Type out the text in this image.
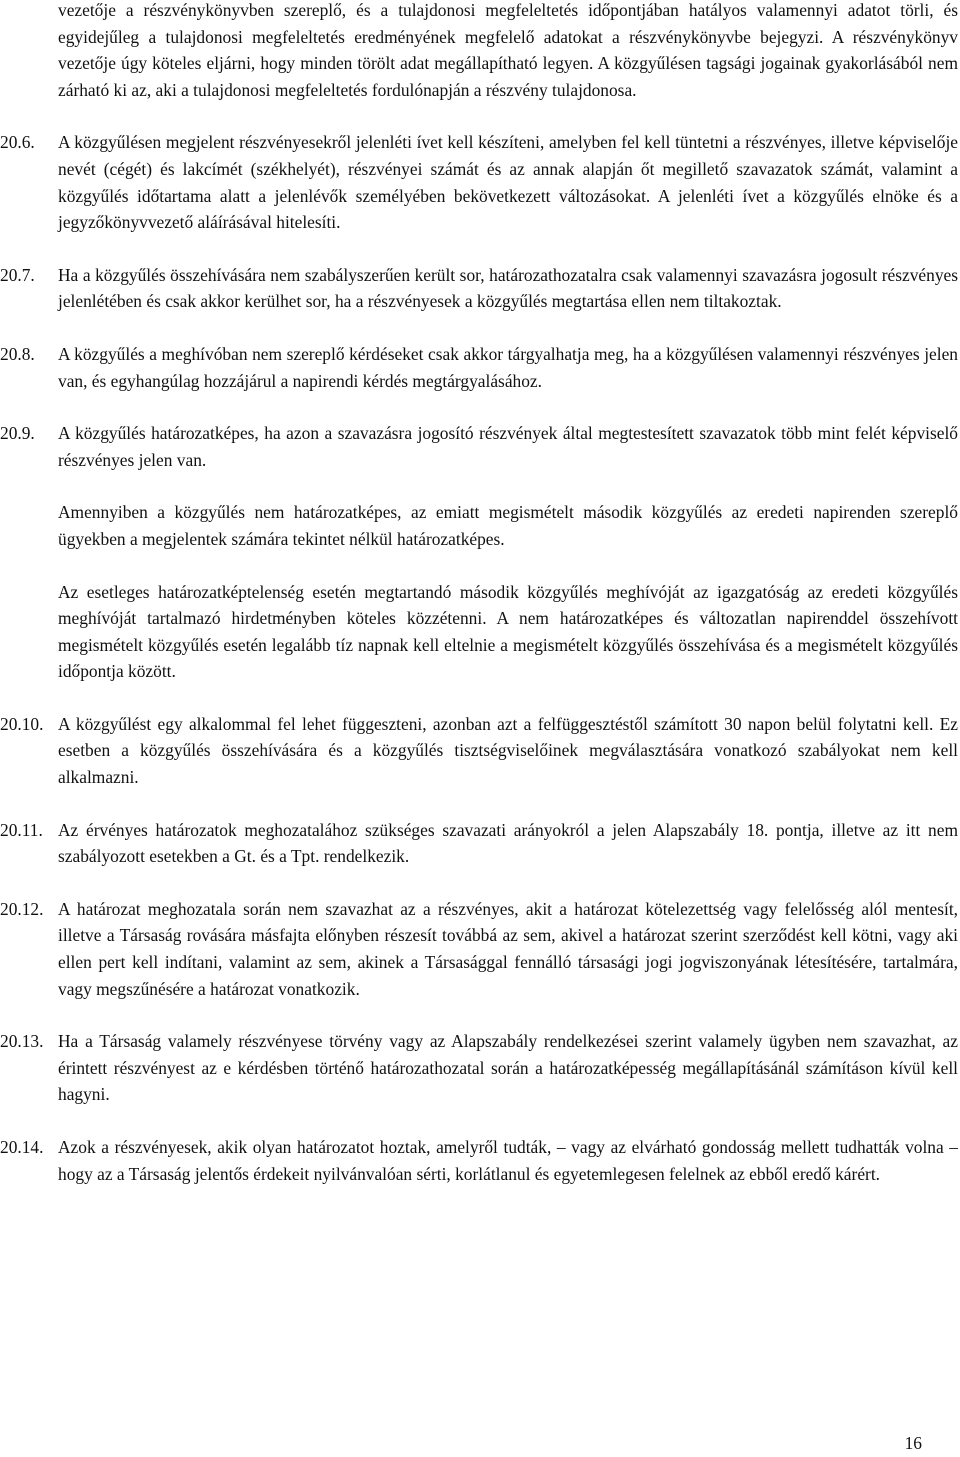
vezetője a részvénykönyvben szereplő, és a tulajdonosi megfeleltetés időpontjában hatályos valamennyi adatot törli, és egyidejűleg a tulajdonosi megfeleltetés eredményének megfelelő adatokat a részvénykönyvbe bejegyzi. A részvénykönyv vezetője úgy köteles eljárni, hogy minden törölt adat megállapítható legyen. A közgyűlésen tagsági jogainak gyakorlásából nem zárható ki az, aki a tulajdonosi megfeleltetés fordulónapján a részvény tulajdonosa.

20.6.	A közgyűlésen megjelent részvényesekről jelenléti ívet kell készíteni, amelyben fel kell tüntetni a részvényes, illetve képviselője nevét (cégét) és lakcímét (székhelyét), részvényei számát és az annak alapján őt megillető szavazatok számát, valamint a közgyűlés időtartama alatt a jelenlévők személyében bekövetkezett változásokat. A jelenléti ívet a közgyűlés elnöke és a jegyzőkönyvvezető aláírásával hitelesíti.
20.7.	Ha a közgyűlés összehívására nem szabályszerűen került sor, határozathozatalra csak valamennyi szavazásra jogosult részvényes jelenlétében és csak akkor kerülhet sor, ha a részvényesek a közgyűlés megtartása ellen nem tiltakoztak.
20.8.	A közgyűlés a meghívóban nem szereplő kérdéseket csak akkor tárgyalhatja meg, ha a közgyűlésen valamennyi részvényes jelen van, és egyhangúlag hozzájárul a napirendi kérdés megtárgyalásához.
20.9.	A közgyűlés határozatképes, ha azon a szavazásra jogosító részvények által megtestesített szavazatok több mint felét képviselő részvényes jelen van.

Amennyiben a közgyűlés nem határozatképes, az emiatt megismételt második közgyűlés az eredeti napirenden szereplő ügyekben a megjelentek számára tekintet nélkül határozatképes.

Az esetleges határozatképtelenség esetén megtartandó második közgyűlés meghívóját az igazgatóság az eredeti közgyűlés meghívóját tartalmazó hirdetményben köteles közzétenni. A nem határozatképes és változatlan napirenddel összehívott megismételt közgyűlés esetén legalább tíz napnak kell eltelnie a megismételt közgyűlés összehívása és a megismételt közgyűlés időpontja között.

20.10. A közgyűlést egy alkalommal fel lehet függeszteni, azonban azt a felfüggesztéstől számított 30 napon belül folytatni kell. Ez esetben a közgyűlés összehívására és a közgyűlés tisztségviselőinek megválasztására vonatkozó szabályokat nem kell alkalmazni.
20.11. Az érvényes határozatok meghozatalához szükséges szavazati arányokról a jelen Alapszabály 18. pontja, illetve az itt nem szabályozott esetekben a Gt. és a Tpt. rendelkezik.
20.12. A határozat meghozatala során nem szavazhat az a részvényes, akit a határozat kötelezettség vagy felelősség alól mentesít, illetve a Társaság rovására másfajta előnyben részesít továbbá az sem, akivel a határozat szerint szerződést kell kötni, vagy aki ellen pert kell indítani, valamint az sem, akinek a Társasággal fennálló társasági jogi jogviszonyának létesítésére, tartalmára, vagy megszűnésére a határozat vonatkozik.
20.13. Ha a Társaság valamely részvényese törvény vagy az Alapszabály rendelkezései szerint valamely ügyben nem szavazhat, az érintett részvényest az e kérdésben történő határozathozatal során a határozatképesség megállapításánál számításon kívül kell hagyni.
20.14. Azok a részvényesek, akik olyan határozatot hoztak, amelyről tudták, – vagy az elvárható gondosság mellett tudhatták volna – hogy az a Társaság jelentős érdekeit nyilvánvalóan sérti, korlátlanul és egyetemlegesen felelnek az ebből eredő kárért.
16
